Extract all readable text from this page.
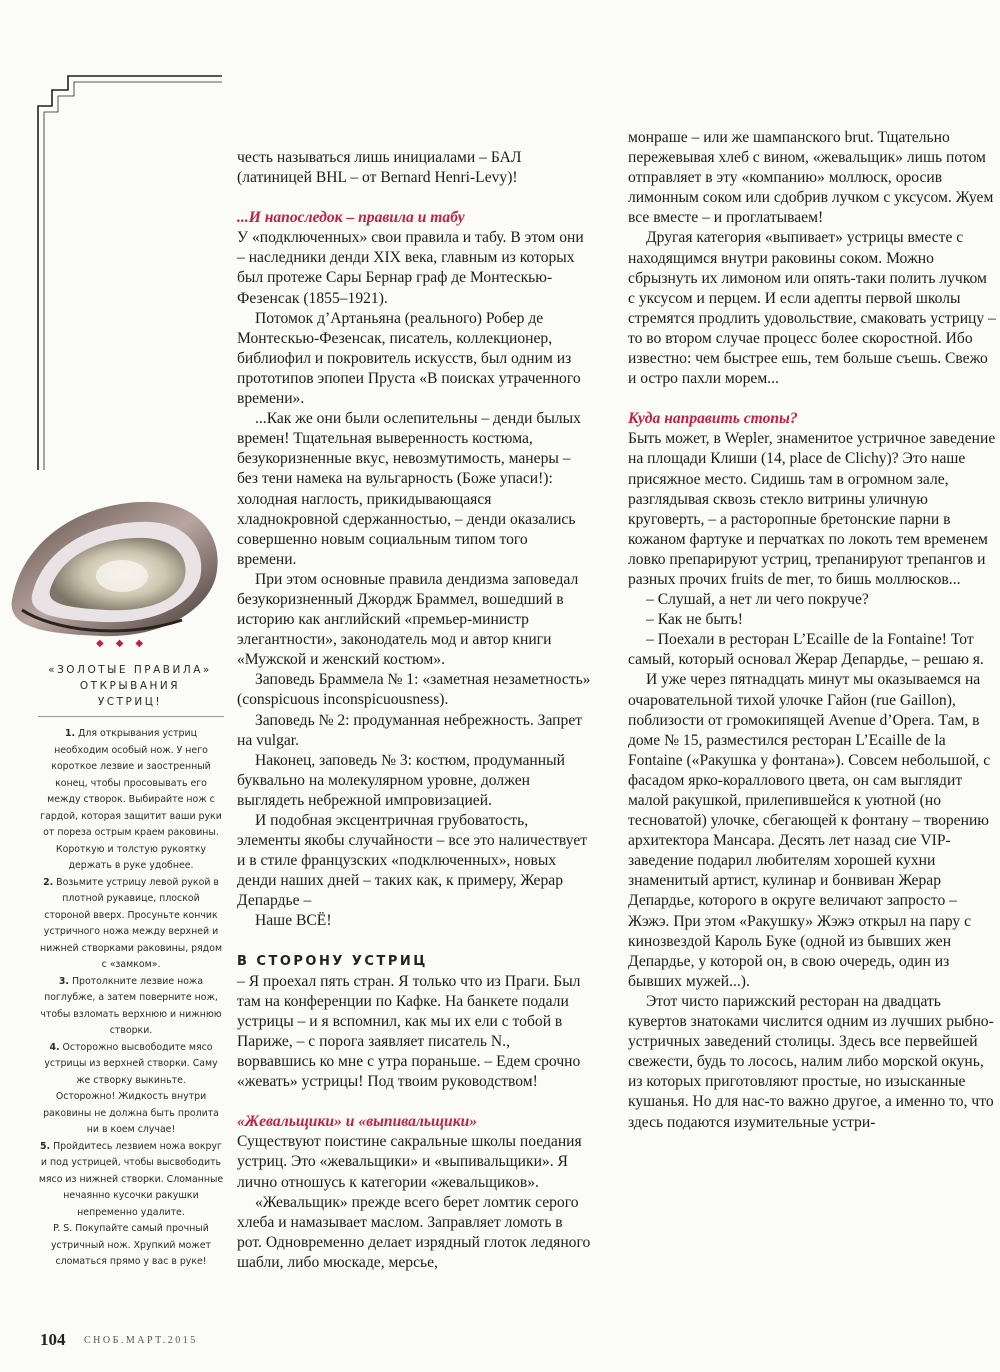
◆◆◆
«ЗОЛОТЫЕ ПРАВИЛА»
ОТКРЫВАНИЯ
УСТРИЦ!

1. Для открывания устриц необходим особый нож. У него короткое лезвие и заостренный конец, чтобы просовывать его между створок. Выбирайте нож с гардой, которая защитит ваши руки от пореза острым краем раковины. Короткую и толстую рукоятку держать в руке удобнее.

2. Возьмите устрицу левой рукой в плотной рукавице, плоской стороной вверх. Просуньте кончик устричного ножа между верхней и нижней створками раковины, рядом с «замком».

3. Протолкните лезвие ножа поглубже, а затем поверните нож, чтобы взломать верхнюю и нижнюю створки.

4. Осторожно высвободите мясо устрицы из верхней створки. Саму же створку выкиньте.

Осторожно! Жидкость внутри раковины не должна быть пролита ни в коем случае!

5. Пройдитесь лезвием ножа вокруг и под устрицей, чтобы высвободить мясо из нижней створки. Сломанные нечаянно кусочки ракушки непременно удалите.

P. S. Покупайте самый прочный устричный нож. Хрупкий может сломаться прямо у вас в руке!

честь называться лишь инициалами – БАЛ (латиницей BHL – от Bernard Henri-Levy)!

...И напоследок – правила и табу

У «подключенных» свои правила и табу. В этом они – наследники денди XIX века, главным из которых был протеже Сары Бернар граф де Монтескью-Фезенсак (1855–1921).

Потомок д’Артаньяна (реального) Робер де Монтескью-Фезенсак, писатель, коллекционер, библиофил и покровитель искусств, был одним из прототипов эпопеи Пруста «В поисках утраченного времени».

...Как же они были ослепительны – денди былых времен! Тщательная выверенность костюма, безукоризненные вкус, невозмутимость, манеры – без тени намека на вульгарность (Боже упаси!): холодная наглость, прикидывающаяся хладнокровной сдержанностью, – денди оказались совершенно новым социальным типом того времени.

При этом основные правила дендизма заповедал безукоризненный Джордж Браммел, вошедший в историю как английский «премьер-министр элегантности», законодатель мод и автор книги «Мужской и женский костюм».

Заповедь Браммела № 1: «заметная незаметность» (conspicuous inconspicuousness).

Заповедь № 2: продуманная небрежность. Запрет на vulgar.

Наконец, заповедь № 3: костюм, продуманный буквально на молекулярном уровне, должен выглядеть небрежной импровизацией.

И подобная эксцентричная грубоватость, элементы якобы случайности – все это наличествует и в стиле французских «подключенных», новых денди наших дней – таких как, к примеру, Жерар Депардье –

Наше ВСЁ!

В СТОРОНУ УСТРИЦ

– Я проехал пять стран. Я только что из Праги. Был там на конференции по Кафке. На банкете подали устрицы – и я вспомнил, как мы их ели с тобой в Париже, – с порога заявляет писатель N., ворвавшись ко мне с утра пораньше. – Едем срочно «жевать» устрицы! Под твоим руководством!

«Жевальщики» и «выпивальщики»

Существуют поистине сакральные школы поедания устриц. Это «жевальщики» и «выпивальщики». Я лично отношусь к категории «жевальщиков».

«Жевальщик» прежде всего берет ломтик серого хлеба и намазывает маслом. Заправляет ломоть в рот. Одновременно делает изрядный глоток ледяного шабли, либо мюскаде, мерсье,

монраше – или же шампанского brut. Тщательно пережевывая хлеб с вином, «жевальщик» лишь потом отправляет в эту «компанию» моллюск, оросив лимонным соком или сдобрив лучком с уксусом. Жуем все вместе – и проглатываем!

Другая категория «выпивает» устрицы вместе с находящимся внутри раковины соком. Можно сбрызнуть их лимоном или опять-таки полить лучком с уксусом и перцем. И если адепты первой школы стремятся продлить удовольствие, смаковать устрицу – то во втором случае процесс более скоростной. Ибо известно: чем быстрее ешь, тем больше съешь. Свежо и остро пахли морем...

Куда направить стопы?

Быть может, в Wepler, знаменитое устричное заведение на площади Клиши (14, place de Clichy)? Это наше присяжное место. Сидишь там в огромном зале, разглядывая сквозь стекло витрины уличную круговерть, – а расторопные бретонские парни в кожаном фартуке и перчатках по локоть тем временем ловко препарируют устриц, трепанируют трепангов и разных прочих fruits de mer, то бишь моллюсков...

– Слушай, а нет ли чего покруче?

– Как не быть!

– Поехали в ресторан L’Ecaille de la Fontaine! Тот самый, который основал Жерар Депардье, – решаю я.

И уже через пятнадцать минут мы оказываемся на очаровательной тихой улочке Гайон (rue Gaillon), поблизости от громокипящей Avenue d’Opera. Там, в доме № 15, разместился ресторан L’Ecaille de la Fontaine («Ракушка у фонтана»). Совсем небольшой, с фасадом ярко-кораллового цвета, он сам выглядит малой ракушкой, прилепившейся к уютной (но тесноватой) улочке, сбегающей к фонтану – творению архитектора Мансара. Десять лет назад сие VIP-заведение подарил любителям хорошей кухни знаменитый артист, кулинар и бонвиван Жерар Депардье, которого в округе величают запросто – Жэжэ. При этом «Ракушку» Жэжэ открыл на пару с кинозвездой Кароль Буке (одной из бывших жен Депардье, у которой он, в свою очередь, один из бывших мужей...).

Этот чисто парижский ресторан на двадцать кувертов знатоками числится одним из лучших рыбно-устричных заведений столицы. Здесь все первейшей свежести, будь то лосось, налим либо морской окунь, из которых приготовляют простые, но изысканные кушанья. Но для нас-то важно другое, а именно то, что здесь подаются изумительные устри-

104 СНОБ.МАРТ.2015
